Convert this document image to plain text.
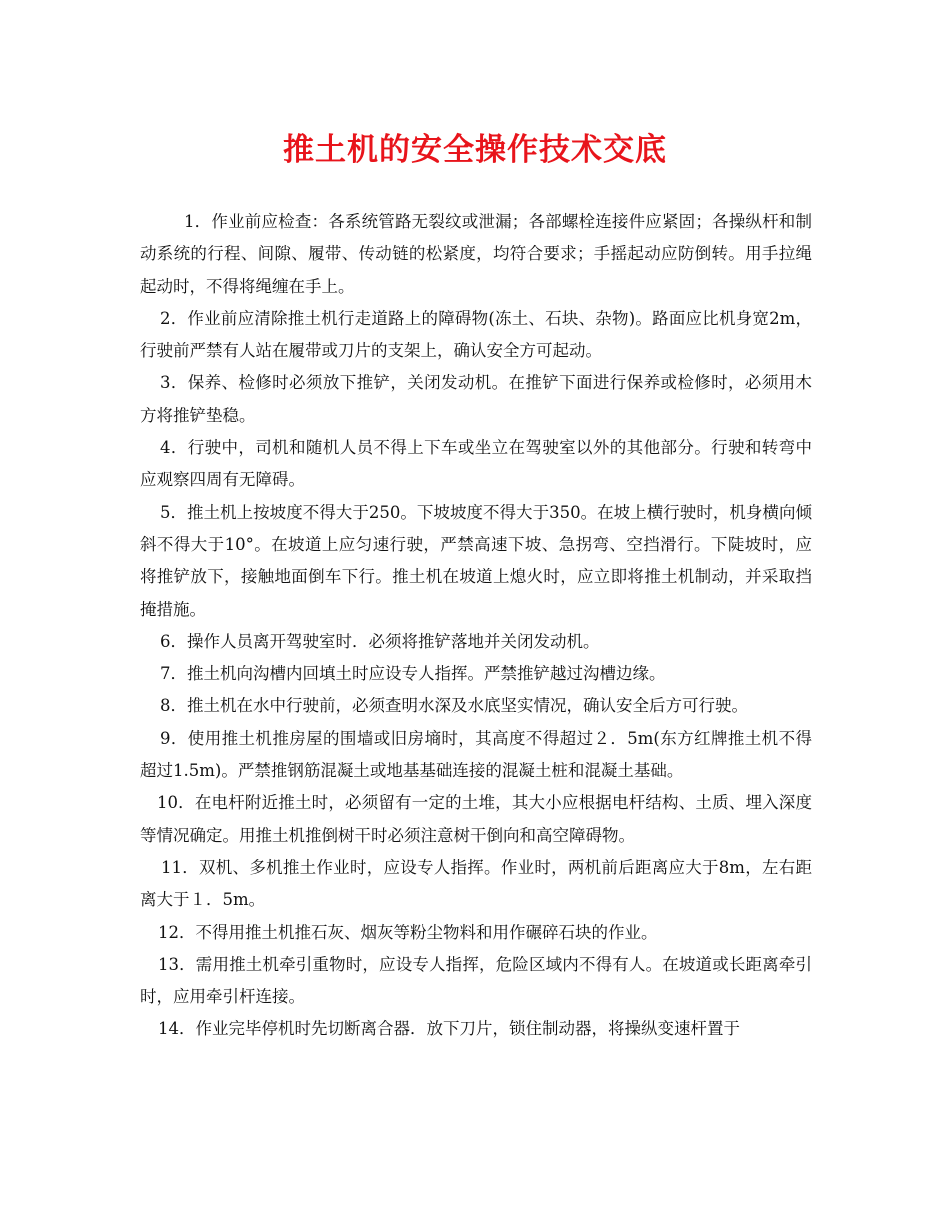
推土机的安全操作技术交底

1．作业前应检查：各系统管路无裂纹或泄漏；各部螺栓连接件应紧固；各操纵杆和制动系统的行程、间隙、履带、传动链的松紧度，均符合要求；手摇起动应防倒转。用手拉绳起动时，不得将绳缠在手上。

2．作业前应清除推土机行走道路上的障碍物(冻土、石块、杂物)。路面应比机身宽2m，行驶前严禁有人站在履带或刀片的支架上，确认安全方可起动。

3．保养、检修时必须放下推铲，关闭发动机。在推铲下面进行保养或检修时，必须用木方将推铲垫稳。

4．行驶中，司机和随机人员不得上下车或坐立在驾驶室以外的其他部分。行驶和转弯中应观察四周有无障碍。

5．推土机上按坡度不得大于250。下坡坡度不得大于350。在坡上横行驶时，机身横向倾斜不得大于10°。在坡道上应匀速行驶，严禁高速下坡、急拐弯、空挡滑行。下陡坡时，应将推铲放下，接触地面倒车下行。推土机在坡道上熄火时，应立即将推土机制动，并采取挡掩措施。

6．操作人员离开驾驶室时．必须将推铲落地并关闭发动机。

7．推土机向沟槽内回填土时应设专人指挥。严禁推铲越过沟槽边缘。

8．推土机在水中行驶前，必须查明水深及水底坚实情况，确认安全后方可行驶。

9．使用推土机推房屋的围墙或旧房墒时，其高度不得超过２．5m(东方红牌推土机不得超过1.5m)。严禁推钢筋混凝土或地基基础连接的混凝土桩和混凝土基础。

10．在电杆附近推土时，必须留有一定的土堆，其大小应根据电杆结构、土质、埋入深度等情况确定。用推土机推倒树干时必须注意树干倒向和高空障碍物。

11．双机、多机推土作业时，应设专人指挥。作业时，两机前后距离应大于8m，左右距离大于１．5m。

12．不得用推土机推石灰、烟灰等粉尘物料和用作碾碎石块的作业。

13．需用推土机牵引重物时，应设专人指挥，危险区域内不得有人。在坡道或长距离牵引时，应用牵引杆连接。

14．作业完毕停机时先切断离合器．放下刀片，锁住制动器，将操纵变速杆置于
